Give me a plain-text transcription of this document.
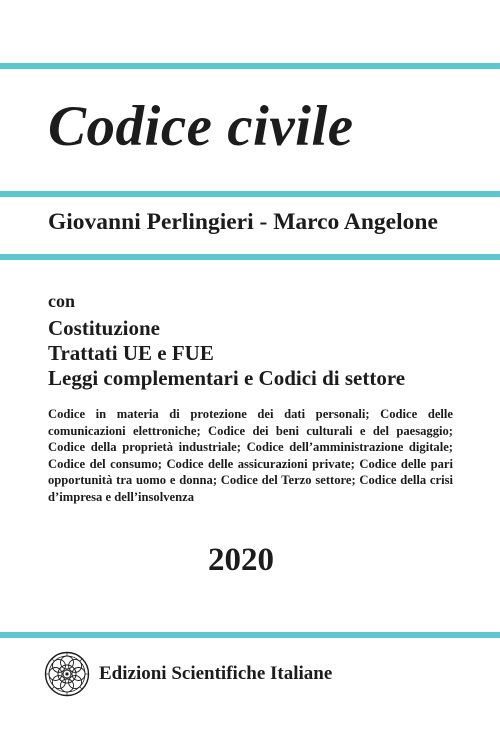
Codice civile
Giovanni Perlingieri - Marco Angelone
con
Costituzione
Trattati UE e FUE
Leggi complementari e Codici di settore

Codice in materia di protezione dei dati personali; Codice delle comunicazioni elettroniche; Codice dei beni culturali e del paesaggio; Codice della proprietà industriale; Codice dell’amministrazione digitale; Codice del consumo; Codice delle assicurazioni private; Codice delle pari opportunità tra uomo e donna; Codice del Terzo settore; Codice della crisi d’impresa e dell’insolvenza

2020
Edizioni Scientifiche Italiane
